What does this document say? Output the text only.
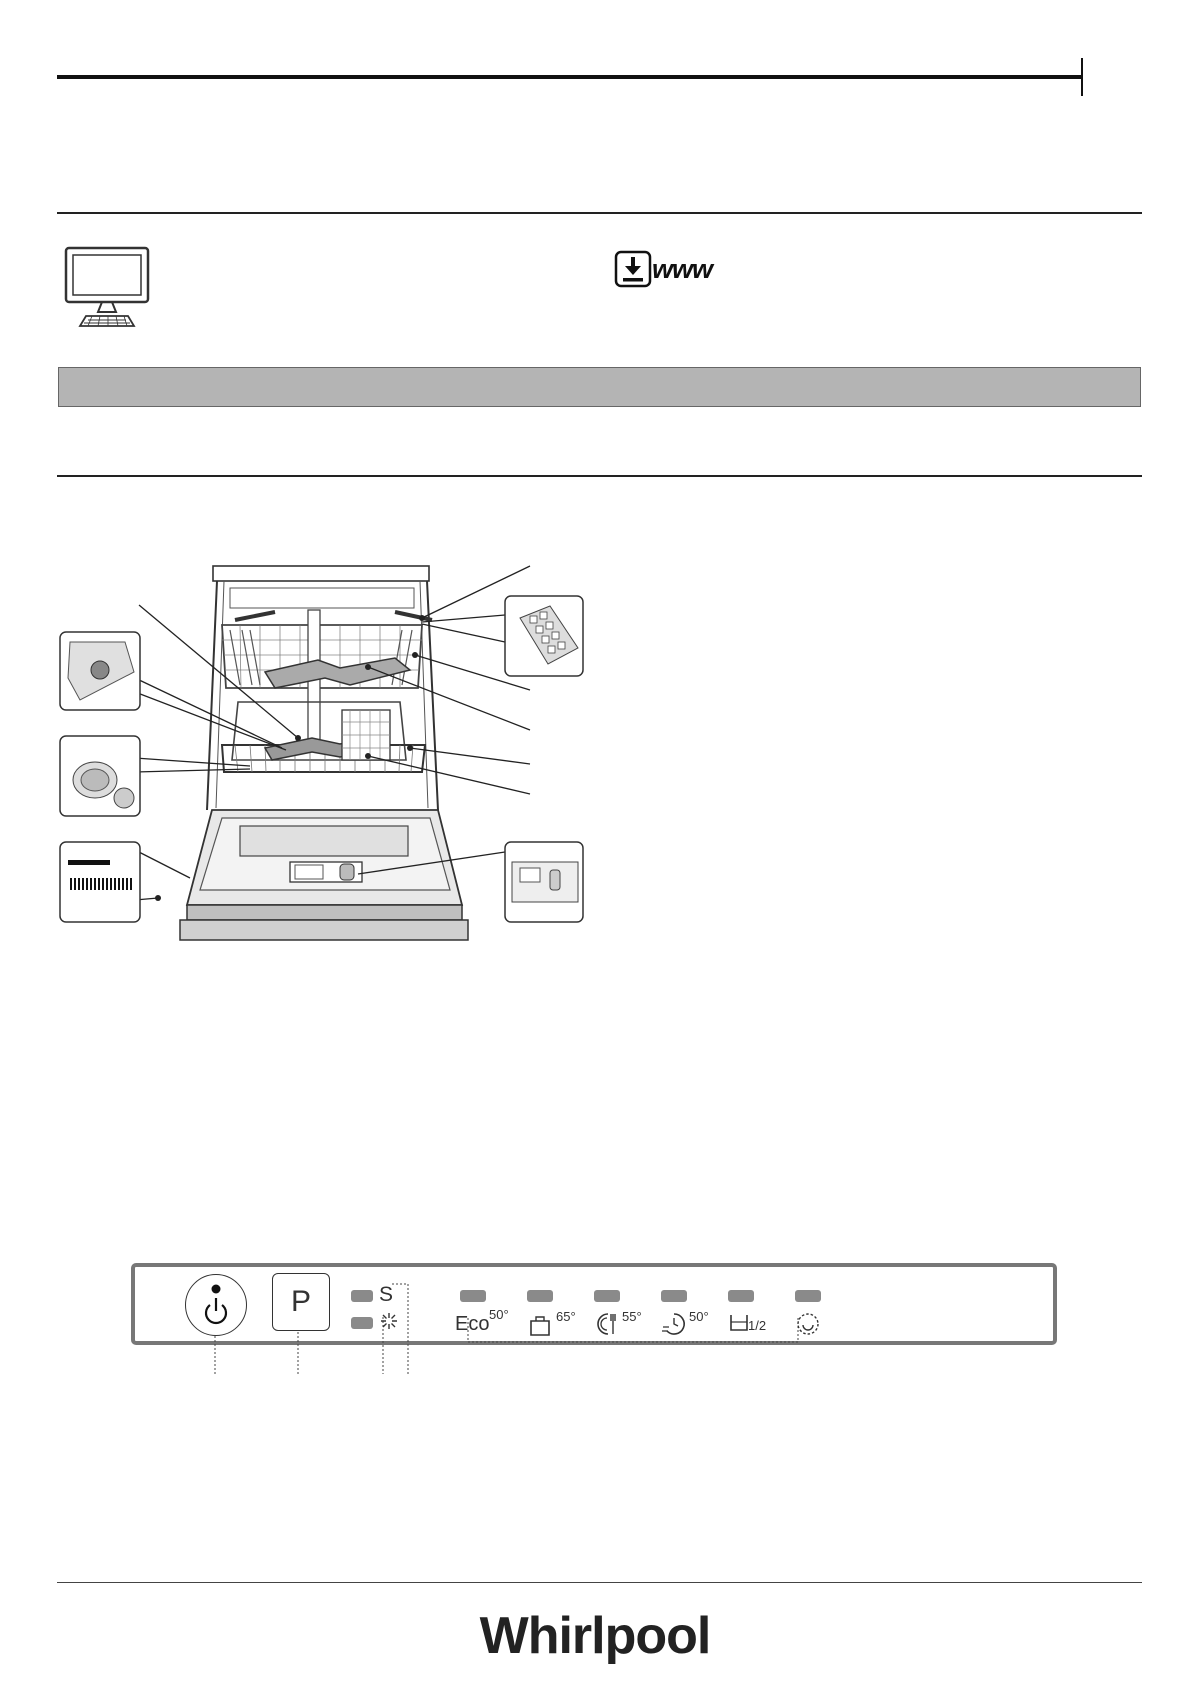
www
P	S
Eco 50°	65°	55°	50°
1/2
Whirlpool
